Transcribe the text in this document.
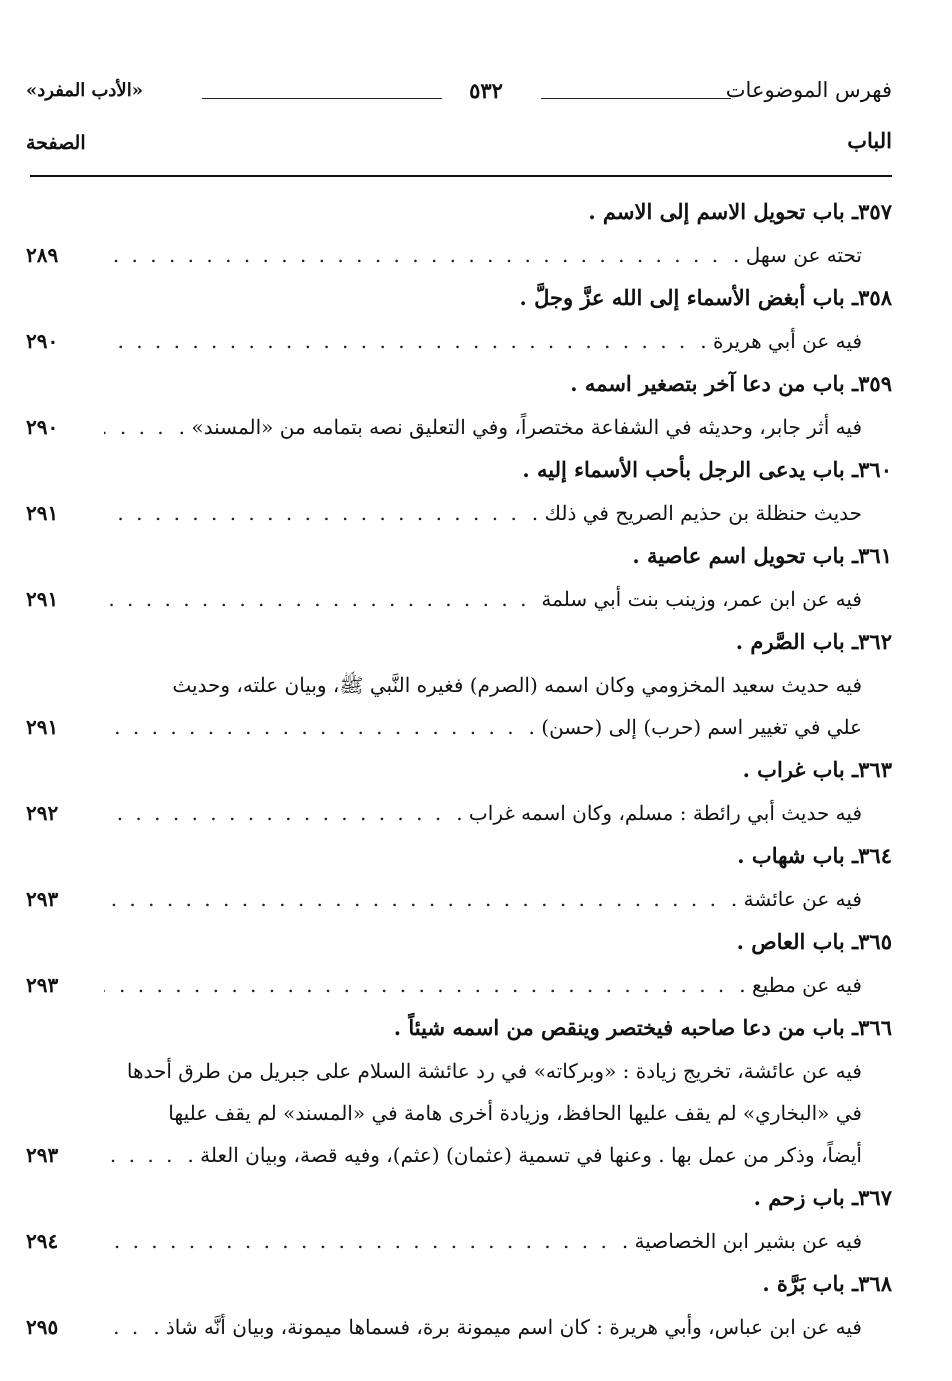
فهرس الموضوعات
٥٣٢
«الأدب المفرد»
الباب
الصفحة
٣٥٧ـ باب تحويل الاسم إلى الاسم .
تحته عن سهل .
. . .
٢٨٩
٣٥٨ـ باب أبغض الأسماء إلى الله عزَّ وجلَّ .
فيه عن أبي هريرة .
. . .
٢٩٠
٣٥٩ـ باب من دعا آخر بتصغير اسمه .
فيه أثر جابر، وحديثه في الشفاعة مختصراً، وفي التعليق نصه بتمامه من «المسند» .
. . .
٢٩٠
٣٦٠ـ باب يدعى الرجل بأحب الأسماء إليه .
حديث حنظلة بن حذيم الصريح في ذلك .
. . .
٢٩١
٣٦١ـ باب تحويل اسم عاصية .
فيه عن ابن عمر، وزينب بنت أبي سلمة
. . .
٢٩١
٣٦٢ـ باب الصَّرم .
فيه حديث سعيد المخزومي وكان اسمه (الصرم) فغيره النَّبي ﷺ، وبيان علته، وحديث
علي في تغيير اسم (حرب) إلى (حسن) .
. . .
٢٩١
٣٦٣ـ باب غراب .
فيه حديث أبي رائطة : مسلم، وكان اسمه غراب .
. . .
٢٩٢
٣٦٤ـ باب شهاب .
فيه عن عائشة .
. . .
٢٩٣
٣٦٥ـ باب العاص .
فيه عن مطيع .
. . .
٢٩٣
٣٦٦ـ باب من دعا صاحبه فيختصر وينقص من اسمه شيئاً .
فيه عن عائشة، تخريج زيادة : «وبركاته» في رد عائشة السلام على جبريل من طرق أحدها
في «البخاري» لم يقف عليها الحافظ، وزيادة أخرى هامة في «المسند» لم يقف عليها
أيضاً، وذكر من عمل بها . وعنها في تسمية (عثمان) (عثم)، وفيه قصة، وبيان العلة .
. . .
٢٩٣
٣٦٧ـ باب زحم .
فيه عن بشير ابن الخصاصية .
. . .
٢٩٤
٣٦٨ـ باب بَرَّة .
فيه عن ابن عباس، وأبي هريرة : كان اسم ميمونة برة، فسماها ميمونة، وبيان أنَّه شاذ .
. . .
٢٩٥
